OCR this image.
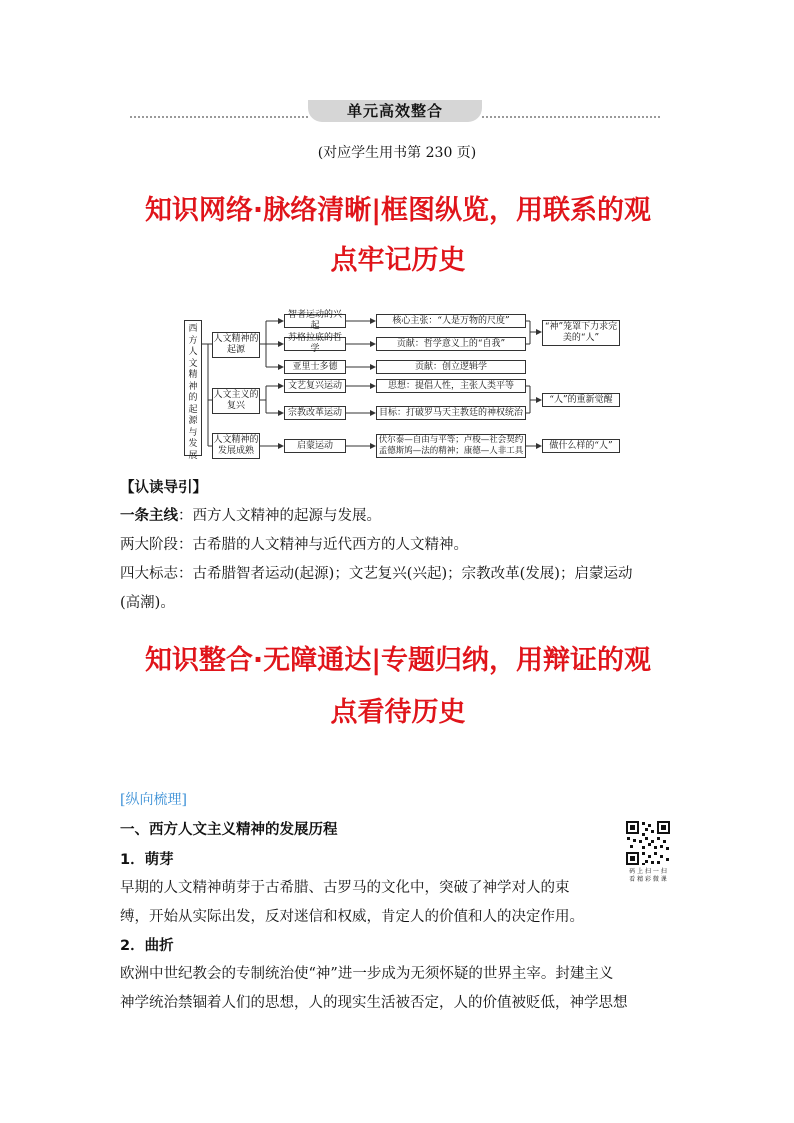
单元高效整合
(对应学生用书第 230 页)
知识网络·脉络清晰|框图纵览，用联系的观
点牢记历史
西方人文精神的起源与发展
人文精神的起源
人文主义的复兴
人文精神的发展成熟
智者运动的兴起
苏格拉底的哲学
亚里士多德
文艺复兴运动
宗教改革运动
启蒙运动
核心主张：“人是万物的尺度”
贡献：哲学意义上的“自我”
贡献：创立逻辑学
思想：提倡人性，主张人类平等
目标：打破罗马天主教廷的神权统治
伏尔泰—自由与平等；卢梭—社会契约
孟德斯鸠—法的精神；康德—人非工具
“神”笼罩下力求完美的“人”
“人”的重新觉醒
做什么样的“人”
【认读导引】
一条主线：西方人文精神的起源与发展。
两大阶段：古希腊的人文精神与近代西方的人文精神。
四大标志：古希腊智者运动(起源)；文艺复兴(兴起)；宗教改革(发展)；启蒙运动
(高潮)。
知识整合·无障通达|专题归纳，用辩证的观
点看待历史
[纵向梳理]
一、西方人文主义精神的发展历程
码 上 扫 一 扫
看 精 彩 微 课
1．萌芽
早期的人文精神萌芽于古希腊、古罗马的文化中，突破了神学对人的束
缚，开始从实际出发，反对迷信和权威，肯定人的价值和人的决定作用。
2．曲折
欧洲中世纪教会的专制统治使“神”进一步成为无须怀疑的世界主宰。封建主义
神学统治禁锢着人们的思想，人的现实生活被否定，人的价值被贬低，神学思想
